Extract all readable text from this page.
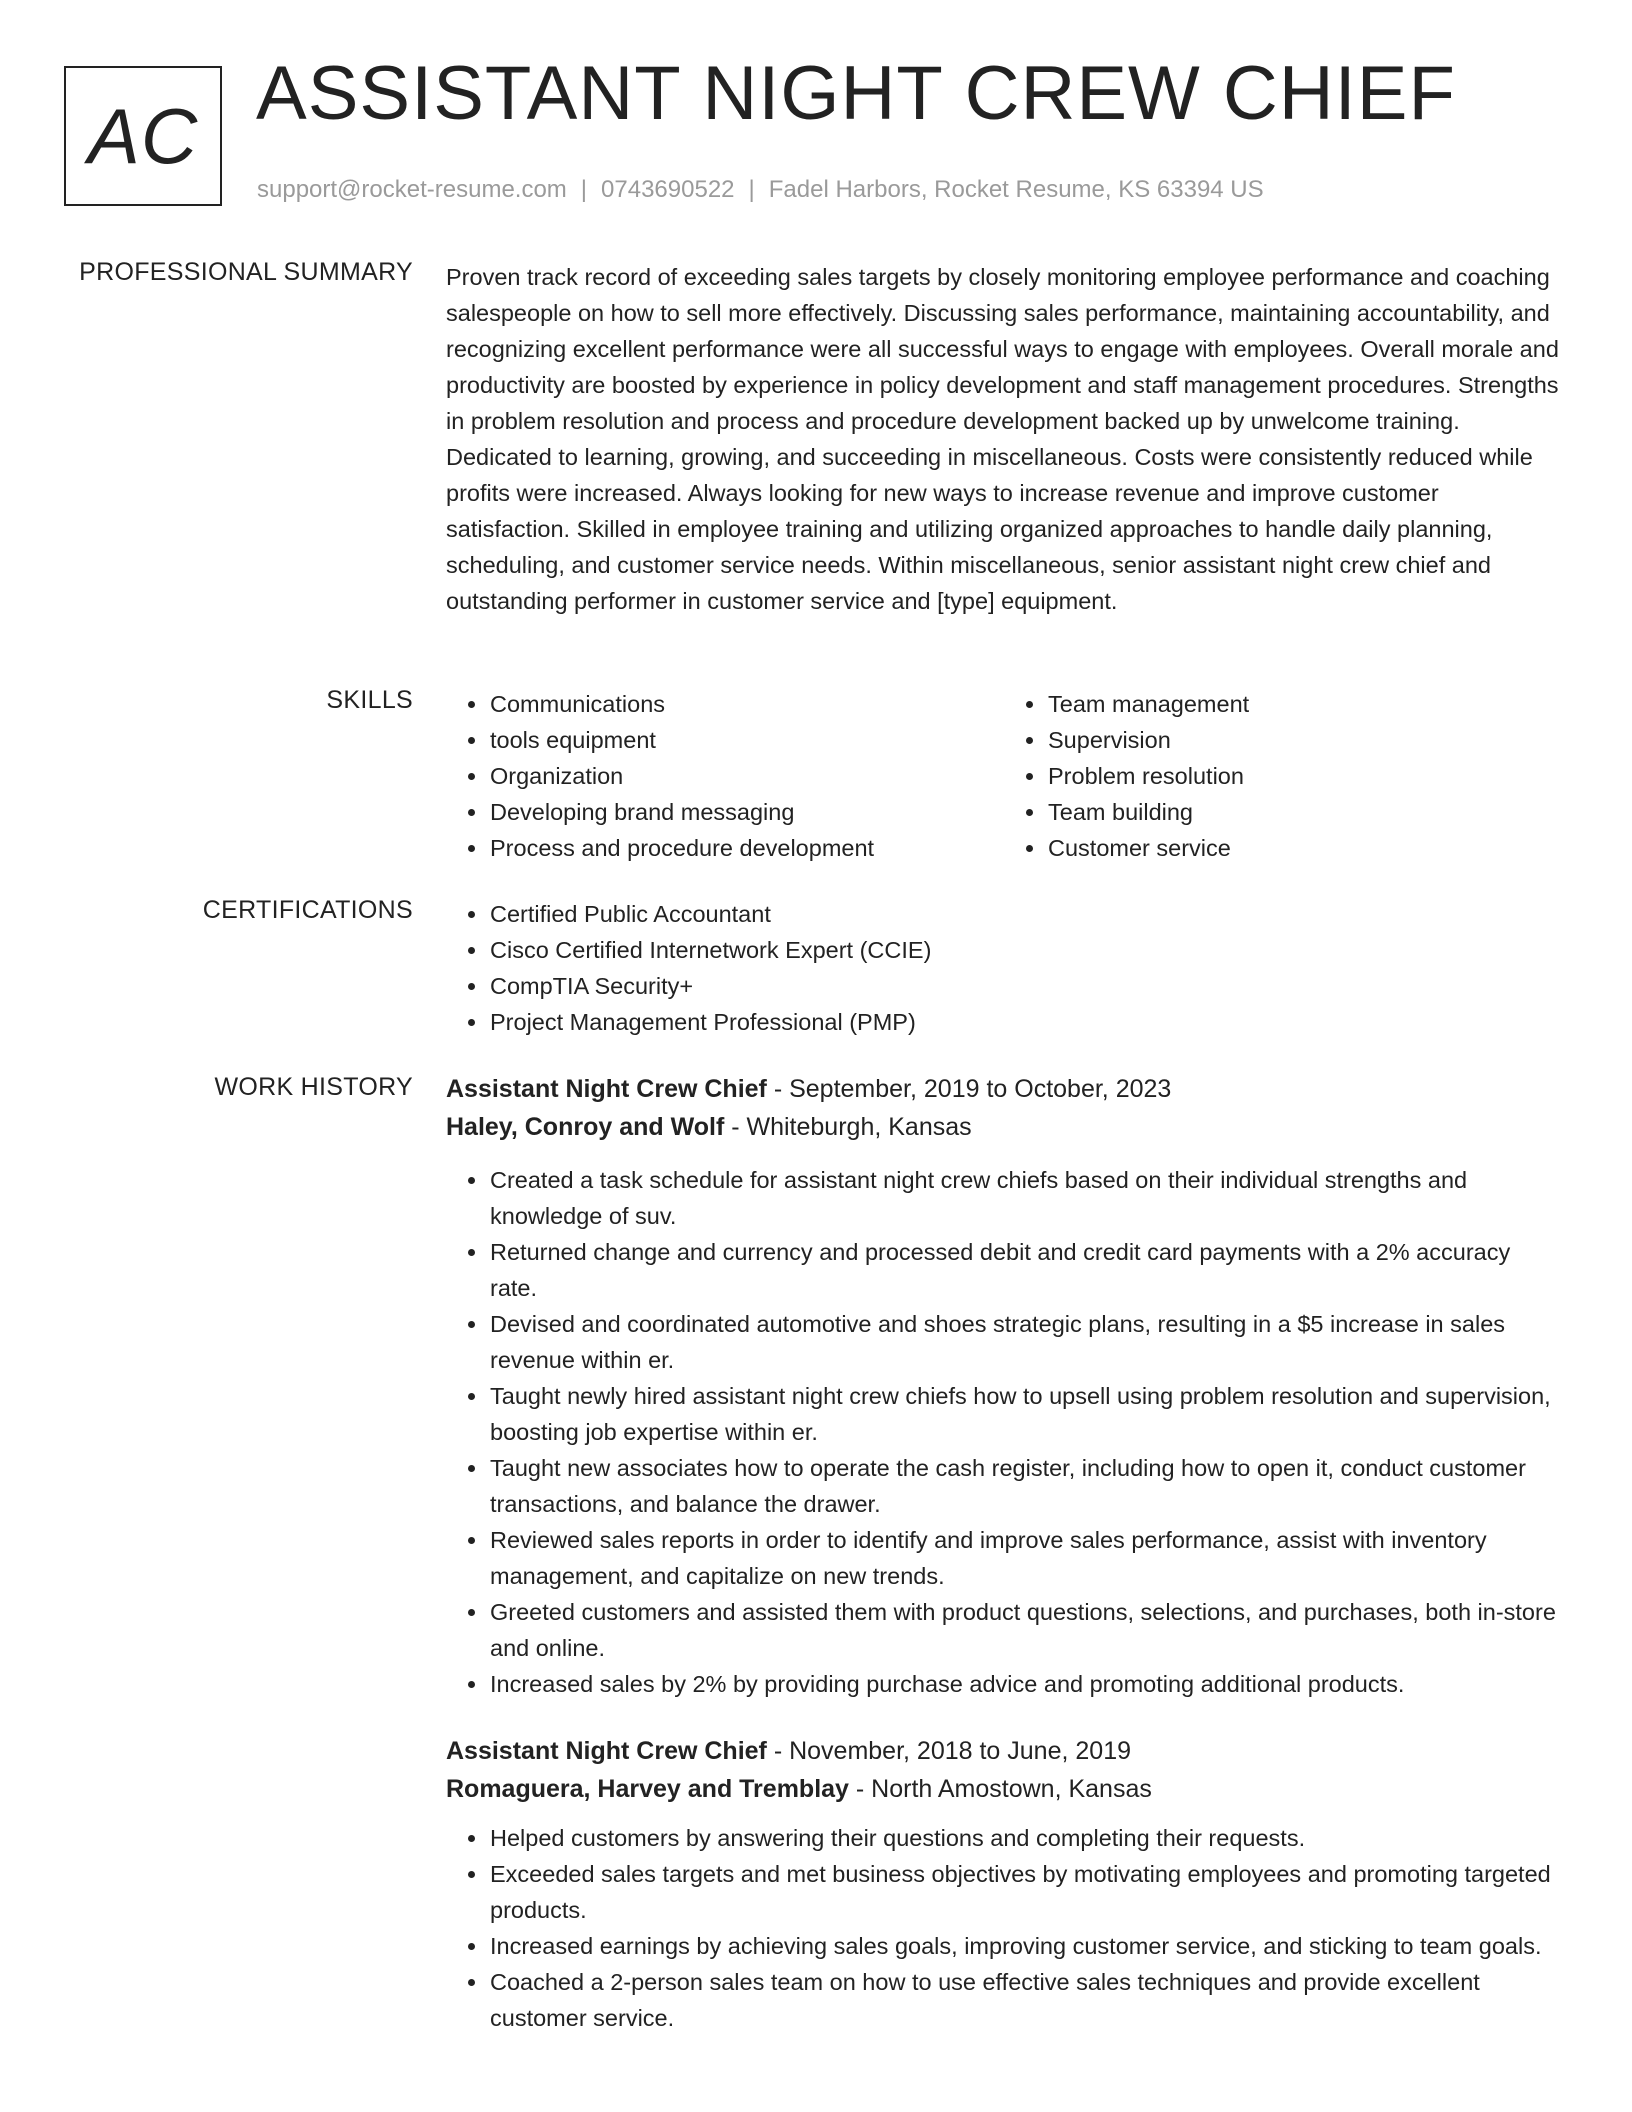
AC ASSISTANT NIGHT CREW CHIEF
support@rocket-resume.com | 0743690522 | Fadel Harbors, Rocket Resume, KS 63394 US
PROFESSIONAL SUMMARY Proven track record of exceeding sales targets by closely monitoring employee performance and coaching salespeople on how to sell more effectively. Discussing sales performance, maintaining accountability, and recognizing excellent performance were all successful ways to engage with employees. Overall morale and productivity are boosted by experience in policy development and staff management procedures. Strengths in problem resolution and process and procedure development backed up by unwelcome training. Dedicated to learning, growing, and succeeding in miscellaneous. Costs were consistently reduced while profits were increased. Always looking for new ways to increase revenue and improve customer satisfaction. Skilled in employee training and utilizing organized approaches to handle daily planning, scheduling, and customer service needs. Within miscellaneous, senior assistant night crew chief and outstanding performer in customer service and [type] equipment.
SKILLS	• Communications
• tools equipment
• Organization
• Developing brand messaging
• Process and procedure development
• Team management
• Supervision
• Problem resolution
• Team building
• Customer service
CERTIFICATIONS	• Certified Public Accountant
• Cisco Certified Internetwork Expert (CCIE)
• CompTIA Security+
• Project Management Professional (PMP)
WORK HISTORY Assistant Night Crew Chief - September, 2019 to October, 2023
Haley, Conroy and Wolf - Whiteburgh, Kansas
• Created a task schedule for assistant night crew chiefs based on their individual strengths and knowledge of suv.
• Returned change and currency and processed debit and credit card payments with a 2% accuracy rate.
• Devised and coordinated automotive and shoes strategic plans, resulting in a $5 increase in sales revenue within er.
• Taught newly hired assistant night crew chiefs how to upsell using problem resolution and supervision, boosting job expertise within er.
• Taught new associates how to operate the cash register, including how to open it, conduct customer transactions, and balance the drawer.
• Reviewed sales reports in order to identify and improve sales performance, assist with inventory management, and capitalize on new trends.
• Greeted customers and assisted them with product questions, selections, and purchases, both in-store and online.
• Increased sales by 2% by providing purchase advice and promoting additional products.
Assistant Night Crew Chief - November, 2018 to June, 2019
Romaguera, Harvey and Tremblay - North Amostown, Kansas
• Helped customers by answering their questions and completing their requests.
• Exceeded sales targets and met business objectives by motivating employees and promoting targeted products.
• Increased earnings by achieving sales goals, improving customer service, and sticking to team goals.
• Coached a 2-person sales team on how to use effective sales techniques and provide excellent customer service.
